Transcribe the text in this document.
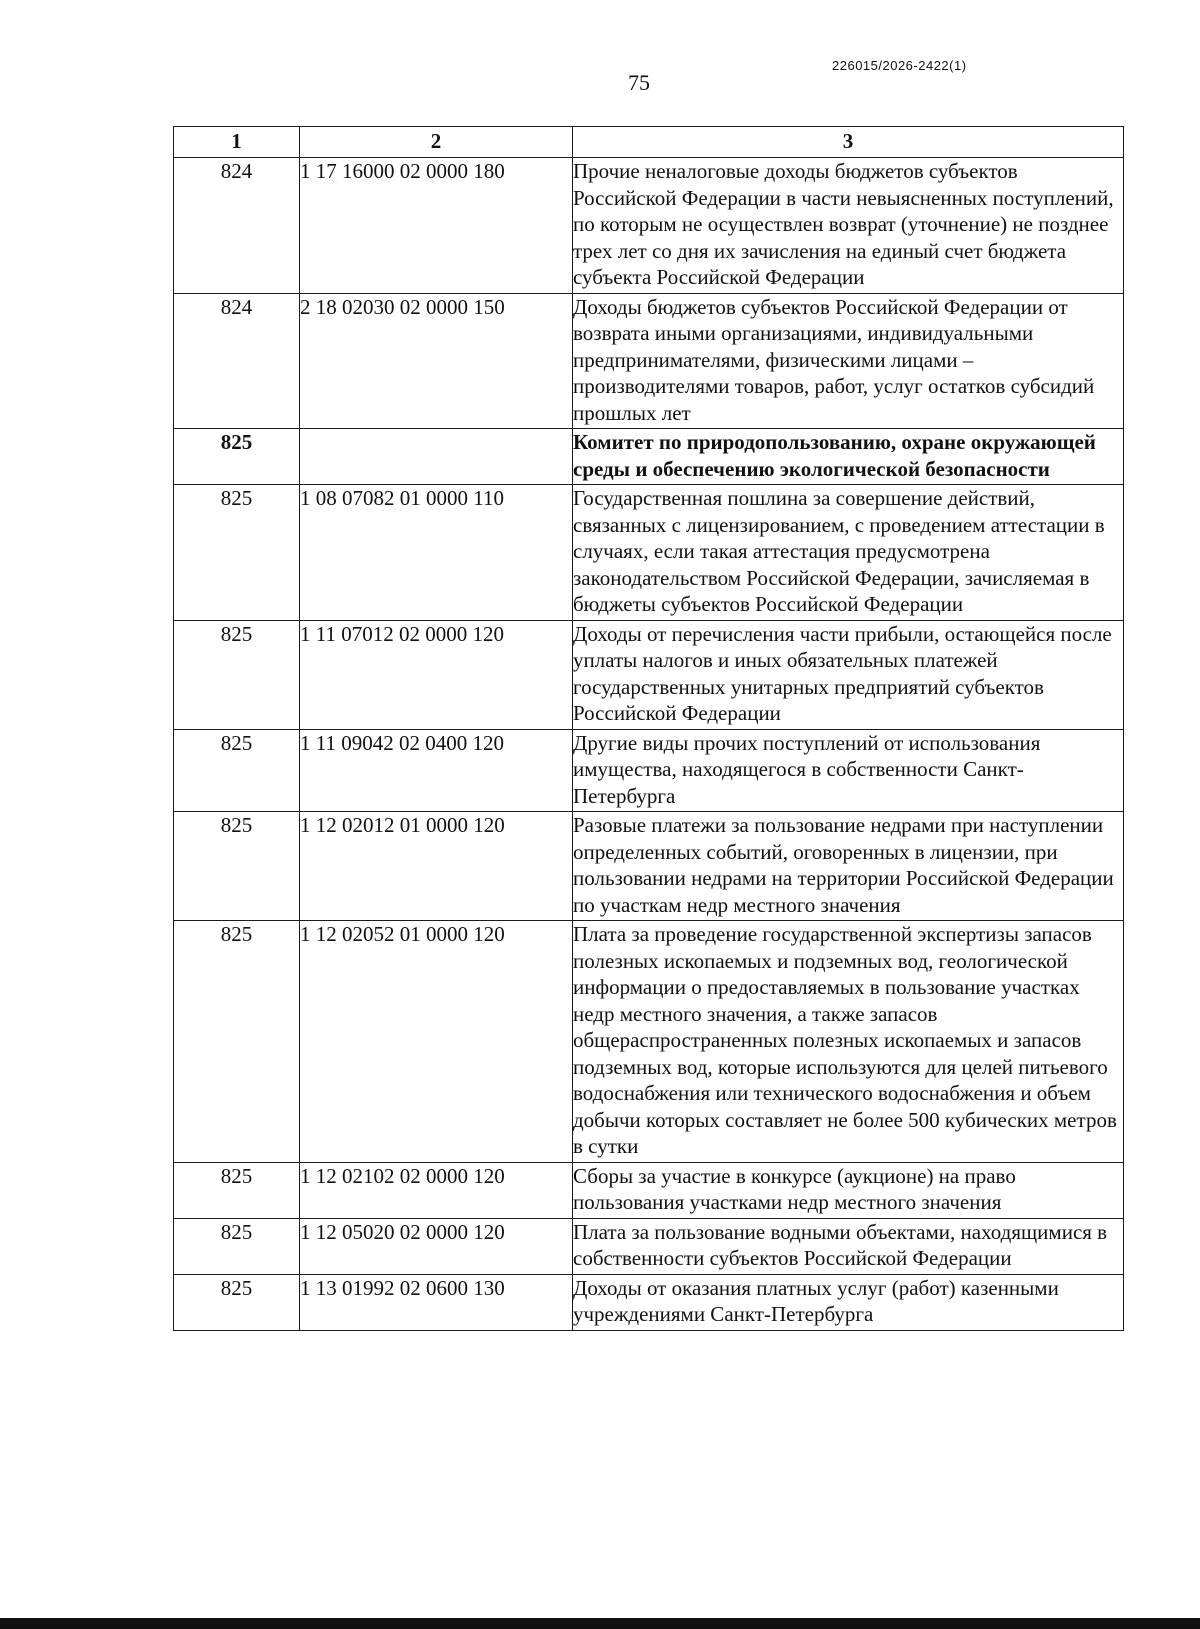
226015/2026-2422(1)
75
1	2	3
824	1 17 16000 02 0000 180	Прочие неналоговые доходы бюджетов субъектов Российской Федерации в части невыясненных поступлений, по которым не осуществлен возврат (уточнение) не позднее трех лет со дня их зачисления на единый счет бюджета субъекта Российской Федерации
824	2 18 02030 02 0000 150	Доходы бюджетов субъектов Российской Федерации от возврата иными организациями, индивидуальными предпринимателями, физическими лицами – производителями товаров, работ, услуг остатков субсидий прошлых лет
825		Комитет по природопользованию, охране окружающей среды и обеспечению экологической безопасности
825	1 08 07082 01 0000 110	Государственная пошлина за совершение действий, связанных с лицензированием, с проведением аттестации в случаях, если такая аттестация предусмотрена законодательством Российской Федерации, зачисляемая в бюджеты субъектов Российской Федерации
825	1 11 07012 02 0000 120	Доходы от перечисления части прибыли, остающейся после уплаты налогов и иных обязательных платежей государственных унитарных предприятий субъектов Российской Федерации
825	1 11 09042 02 0400 120	Другие виды прочих поступлений от использования имущества, находящегося в собственности Санкт-Петербурга
825	1 12 02012 01 0000 120	Разовые платежи за пользование недрами при наступлении определенных событий, оговоренных в лицензии, при пользовании недрами на территории Российской Федерации по участкам недр местного значения
825	1 12 02052 01 0000 120	Плата за проведение государственной экспертизы запасов полезных ископаемых и подземных вод, геологической информации о предоставляемых в пользование участках недр местного значения, а также запасов общераспространенных полезных ископаемых и запасов подземных вод, которые используются для целей питьевого водоснабжения или технического водоснабжения и объем добычи которых составляет не более 500 кубических метров в сутки
825	1 12 02102 02 0000 120	Сборы за участие в конкурсе (аукционе) на право пользования участками недр местного значения
825	1 12 05020 02 0000 120	Плата за пользование водными объектами, находящимися в собственности субъектов Российской Федерации
825	1 13 01992 02 0600 130	Доходы от оказания платных услуг (работ) казенными учреждениями Санкт-Петербурга
